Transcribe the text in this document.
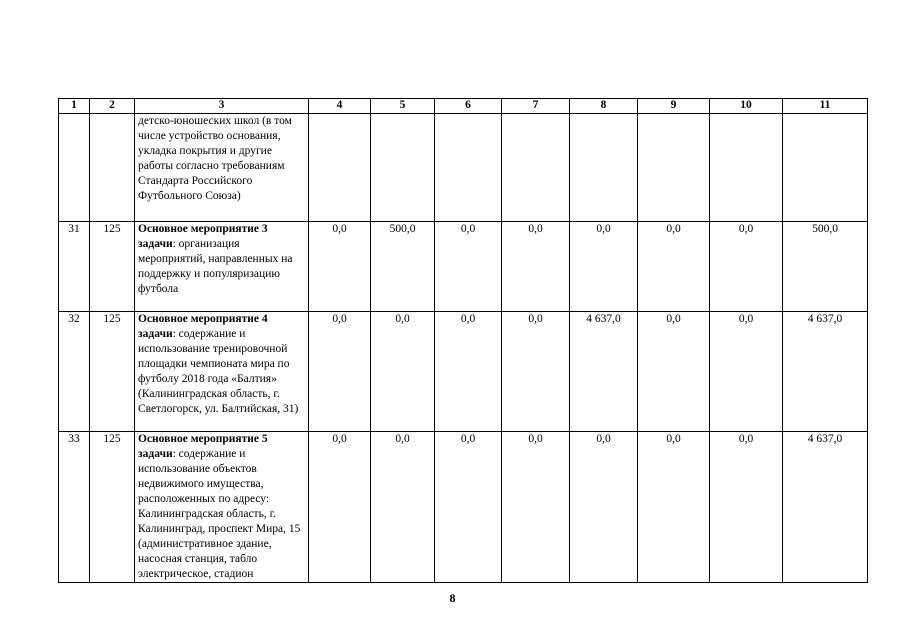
1	2	3	4	5	6	7	8	9	10	11
		детско-юношеских школ (в том числе устройство основания, укладка покрытия и другие работы согласно требованиям Стандарта Российского Футбольного Союза)								
31	125	Основное мероприятие 3 задачи: организация мероприятий, направленных на поддержку и популяризацию футбола	0,0	500,0	0,0	0,0	0,0	0,0	0,0	500,0
32	125	Основное мероприятие 4 задачи: содержание и использование тренировочной площадки чемпионата мира по футболу 2018 года «Балтия» (Калининградская область, г. Светлогорск, ул. Балтийская, 31)	0,0	0,0	0,0	0,0	4 637,0	0,0	0,0	4 637,0
33	125	Основное мероприятие 5 задачи: содержание и использование объектов недвижимого имущества, расположенных по адресу: Калининградская область, г. Калининград, проспект Мира, 15 (административное здание, насосная станция, табло электрическое, стадион	0,0	0,0	0,0	0,0	0,0	0,0	0,0	4 637,0
8
